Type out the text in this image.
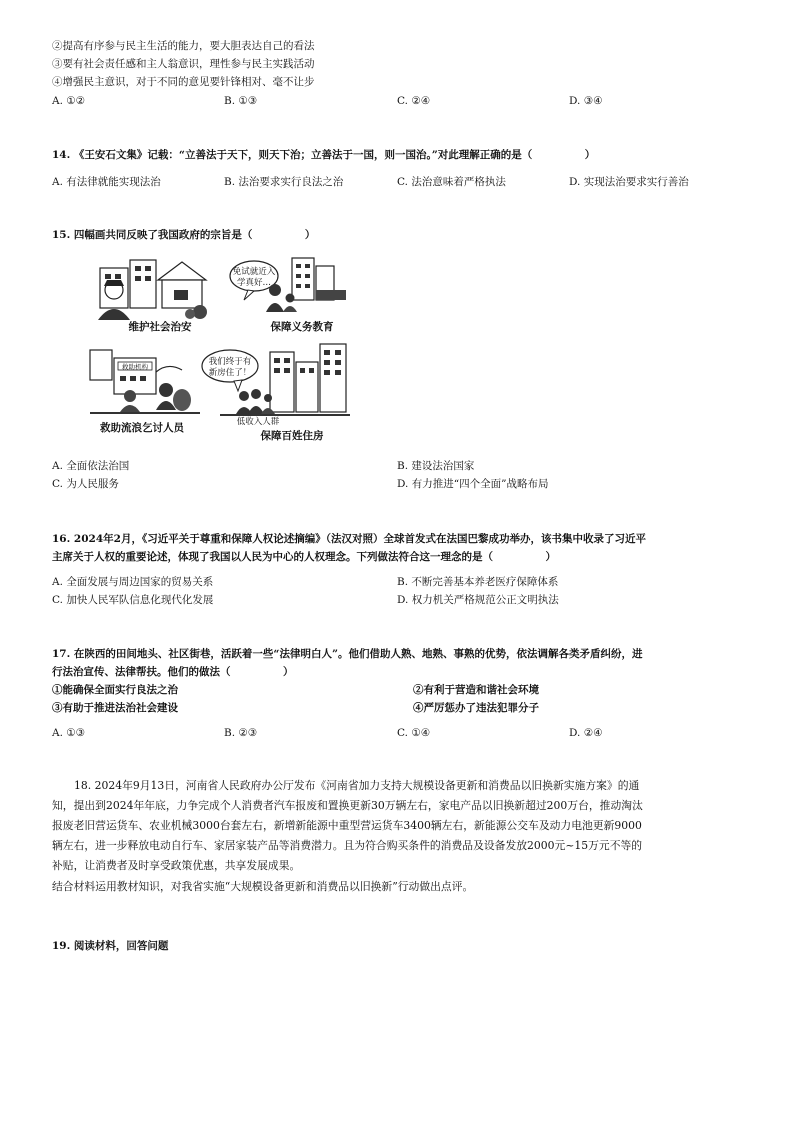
②提高有序参与民主生活的能力，要大胆表达自己的看法
③要有社会责任感和主人翁意识，理性参与民主实践活动
④增强民主意识，对于不同的意见要针锋相对、毫不让步
A. ①②	B. ①③	C. ②④	D. ③④
14. 《王安石文集》记载：“立善法于天下，则天下治；立善法于一国，则一国治。”对此理解正确的是（　　　　　）
A. 有法律就能实现法治	B. 法治要求实行良法之治	C. 法治意味着严格执法	D. 实现法治要求实行善治
15. 四幅画共同反映了我国政府的宗旨是（　　　　　）
维护社会治安
免试就近入
学真好…
保障义务教育
救助机构
救助流浪乞讨人员
我们终于有
新房住了！
低收入人群
保障百姓住房
A. 全面依法治国	B. 建设法治国家
C. 为人民服务	D. 有力推进“四个全面”战略布局
16. 2024年2月，《习近平关于尊重和保障人权论述摘编》（法汉对照）全球首发式在法国巴黎成功举办，该书集中收录了习近平
主席关于人权的重要论述，体现了我国以人民为中心的人权理念。下列做法符合这一理念的是（　　　　　）
A. 全面发展与周边国家的贸易关系	B. 不断完善基本养老医疗保障体系
C. 加快人民军队信息化现代化发展	D. 权力机关严格规范公正文明执法
17. 在陕西的田间地头、社区街巷，活跃着一些“法律明白人”。他们借助人熟、地熟、事熟的优势，依法调解各类矛盾纠纷，进
行法治宣传、法律帮扶。他们的做法（　　　　　）
①能确保全面实行良法之治	②有利于营造和谐社会环境
③有助于推进法治社会建设	④严厉惩办了违法犯罪分子
A. ①③	B. ②③	C. ①④	D. ②④
18. 2024年9月13日，河南省人民政府办公厅发布《河南省加力支持大规模设备更新和消费品以旧换新实施方案》的通
知，提出到2024年年底，力争完成个人消费者汽车报废和置换更新30万辆左右，家电产品以旧换新超过200万台，推动淘汰
报废老旧营运货车、农业机械3000台套左右，新增新能源中重型营运货车3400辆左右，新能源公交车及动力电池更新9000
辆左右，进一步释放电动自行车、家居家装产品等消费潜力。且为符合购买条件的消费品及设备发放2000元~15万元不等的
补贴，让消费者及时享受政策优惠，共享发展成果。
结合材料运用教材知识，对我省实施“大规模设备更新和消费品以旧换新”行动做出点评。
19. 阅读材料，回答问题
